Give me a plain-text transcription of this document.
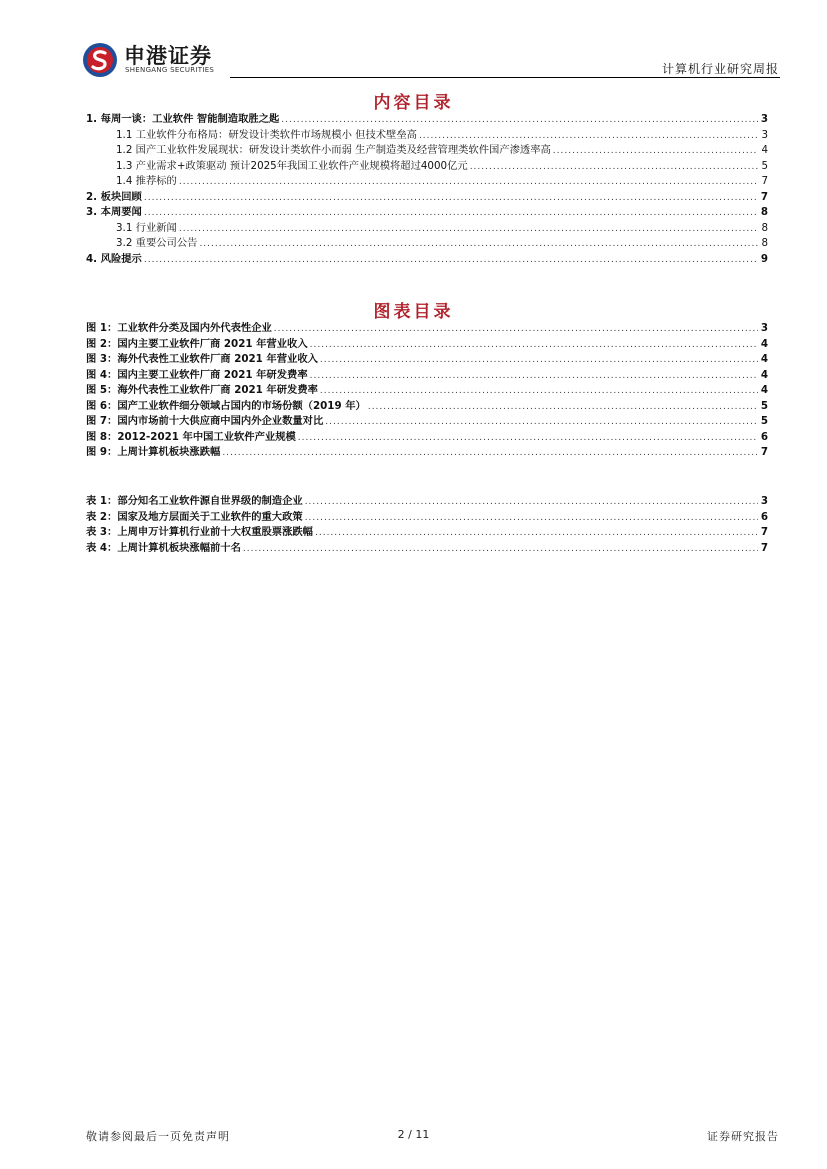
申港证券
SHENGANG SECURITIES	计算机行业研究周报
内容目录
1. 每周一谈：工业软件 智能制造取胜之匙 .....	3
1.1 工业软件分布格局：研发设计类软件市场规模小 但技术壁垒高 .....	3
1.2 国产工业软件发展现状：研发设计类软件小而弱 生产制造类及经营管理类软件国产渗透率高 .....	4
1.3 产业需求+政策驱动 预计2025年我国工业软件产业规模将超过4000亿元 .....	5
1.4 推荐标的 .....	7
2. 板块回顾 .....	7
3. 本周要闻 .....	8
3.1 行业新闻 .....	8
3.2 重要公司公告 .....	8
4. 风险提示 .....	9
图表目录
图 1：工业软件分类及国内外代表性企业 .....	3
图 2：国内主要工业软件厂商 2021 年营业收入 .....	4
图 3：海外代表性工业软件厂商 2021 年营业收入 .....	4
图 4：国内主要工业软件厂商 2021 年研发费率 .....	4
图 5：海外代表性工业软件厂商 2021 年研发费率 .....	4
图 6：国产工业软件细分领域占国内的市场份额（2019 年） .....	5
图 7：国内市场前十大供应商中国内外企业数量对比 .....	5
图 8：2012-2021 年中国工业软件产业规模 .....	6
图 9：上周计算机板块涨跌幅 .....	7
表 1：部分知名工业软件源自世界级的制造企业 .....	3
表 2：国家及地方层面关于工业软件的重大政策 .....	6
表 3：上周申万计算机行业前十大权重股票涨跌幅 .....	7
表 4：上周计算机板块涨幅前十名 .....	7
敬请参阅最后一页免责声明	2 / 11	证券研究报告
